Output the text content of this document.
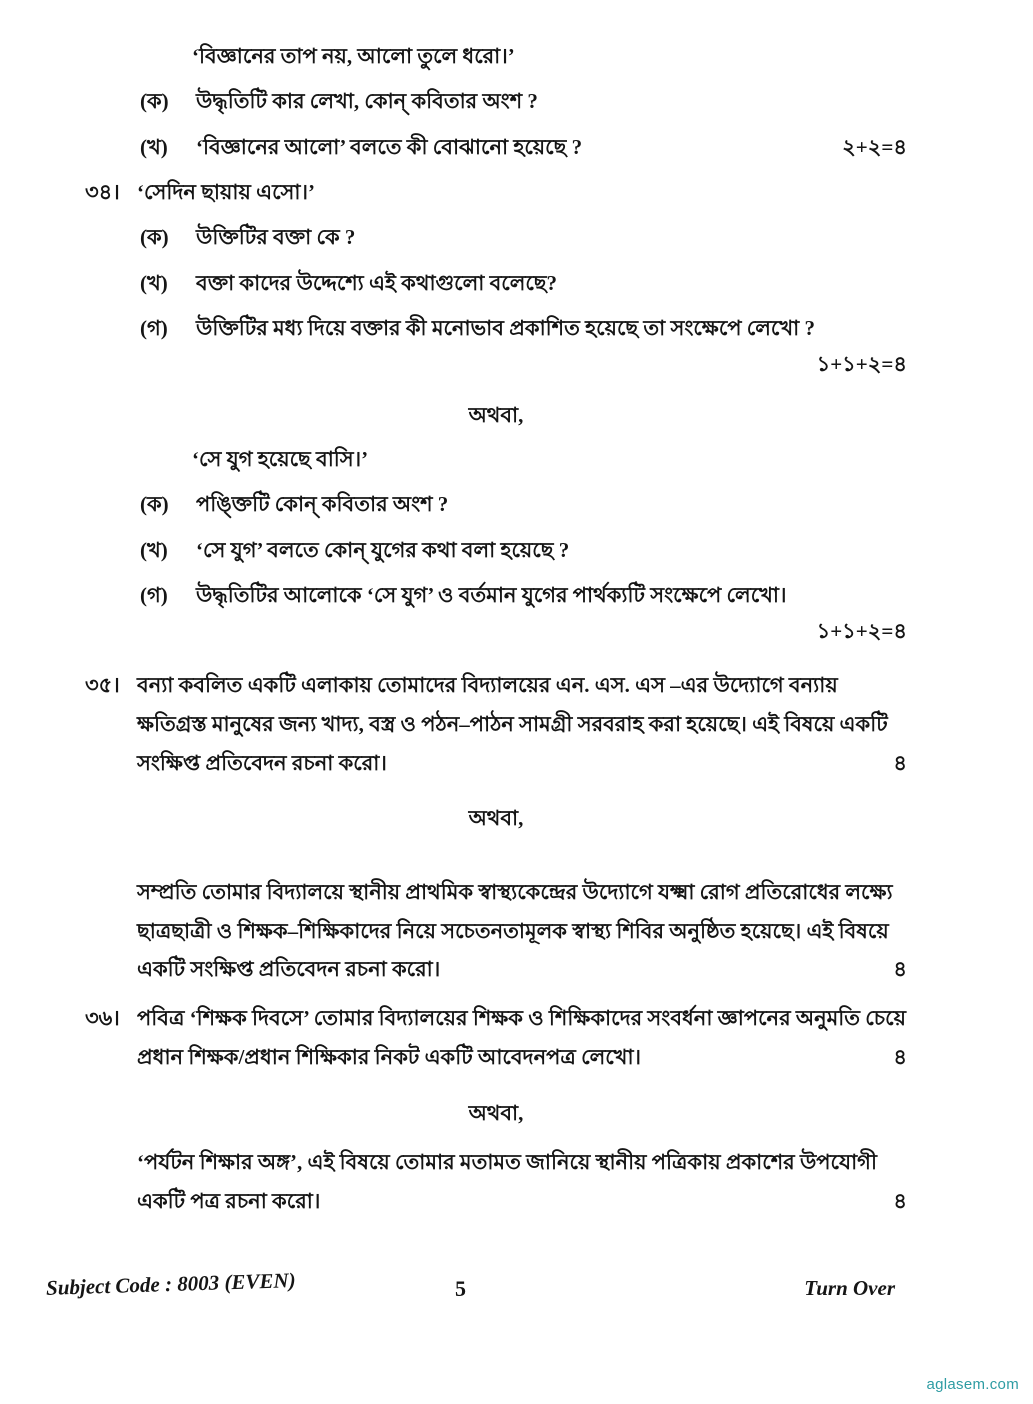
‘বিজ্ঞানের তাপ নয়, আলো তুলে ধরো।’
(ক)	উদ্ধৃতিটি কার লেখা, কোন্ কবিতার অংশ ?
(খ)	‘বিজ্ঞানের আলো’ বলতে কী বোঝানো হয়েছে ?	২+২=৪
৩৪। ‘সেদিন ছায়ায় এসো।’
(ক)	উক্তিটির বক্তা কে ?
(খ)	বক্তা কাদের উদ্দেশ্যে এই কথাগুলো বলেছে?
(গ)	উক্তিটির মধ্য দিয়ে বক্তার কী মনোভাব প্রকাশিত হয়েছে তা সংক্ষেপে লেখো ?
১+১+২=৪
অথবা,
‘সে যুগ হয়েছে বাসি।’
(ক)	পঙ্ক্তিটি কোন্ কবিতার অংশ ?
(খ)	‘সে যুগ’ বলতে কোন্ যুগের কথা বলা হয়েছে ?
(গ)	উদ্ধৃতিটির আলোকে ‘সে যুগ’ ও বর্তমান যুগের পার্থক্যটি সংক্ষেপে লেখো।
১+১+২=৪
৩৫। বন্যা কবলিত একটি এলাকায় তোমাদের বিদ্যালয়ের এন. এস. এস –এর উদ্যোগে বন্যায় ক্ষতিগ্রস্ত মানুষের জন্য খাদ্য, বস্ত্র ও পঠন–পাঠন সামগ্রী সরবরাহ করা হয়েছে। এই বিষয়ে একটি সংক্ষিপ্ত প্রতিবেদন রচনা করো।	৪
অথবা,
সম্প্রতি তোমার বিদ্যালয়ে স্থানীয় প্রাথমিক স্বাস্থ্যকেন্দ্রের উদ্যোগে যক্ষ্মা রোগ প্রতিরোধের লক্ষ্যে ছাত্রছাত্রী ও শিক্ষক–শিক্ষিকাদের নিয়ে সচেতনতামূলক স্বাস্থ্য শিবির অনুষ্ঠিত হয়েছে। এই বিষয়ে একটি সংক্ষিপ্ত প্রতিবেদন রচনা করো।	৪
৩৬। পবিত্র ‘শিক্ষক দিবসে’ তোমার বিদ্যালয়ের শিক্ষক ও শিক্ষিকাদের সংবর্ধনা জ্ঞাপনের অনুমতি চেয়ে প্রধান শিক্ষক/প্রধান শিক্ষিকার নিকট একটি আবেদনপত্র লেখো।	৪
অথবা,
‘পর্যটন শিক্ষার অঙ্গ’, এই বিষয়ে তোমার মতামত জানিয়ে স্থানীয় পত্রিকায় প্রকাশের উপযোগী একটি পত্র রচনা করো।	৪
Subject Code : 8003 (EVEN)	5	Turn Over
aglasem.com
